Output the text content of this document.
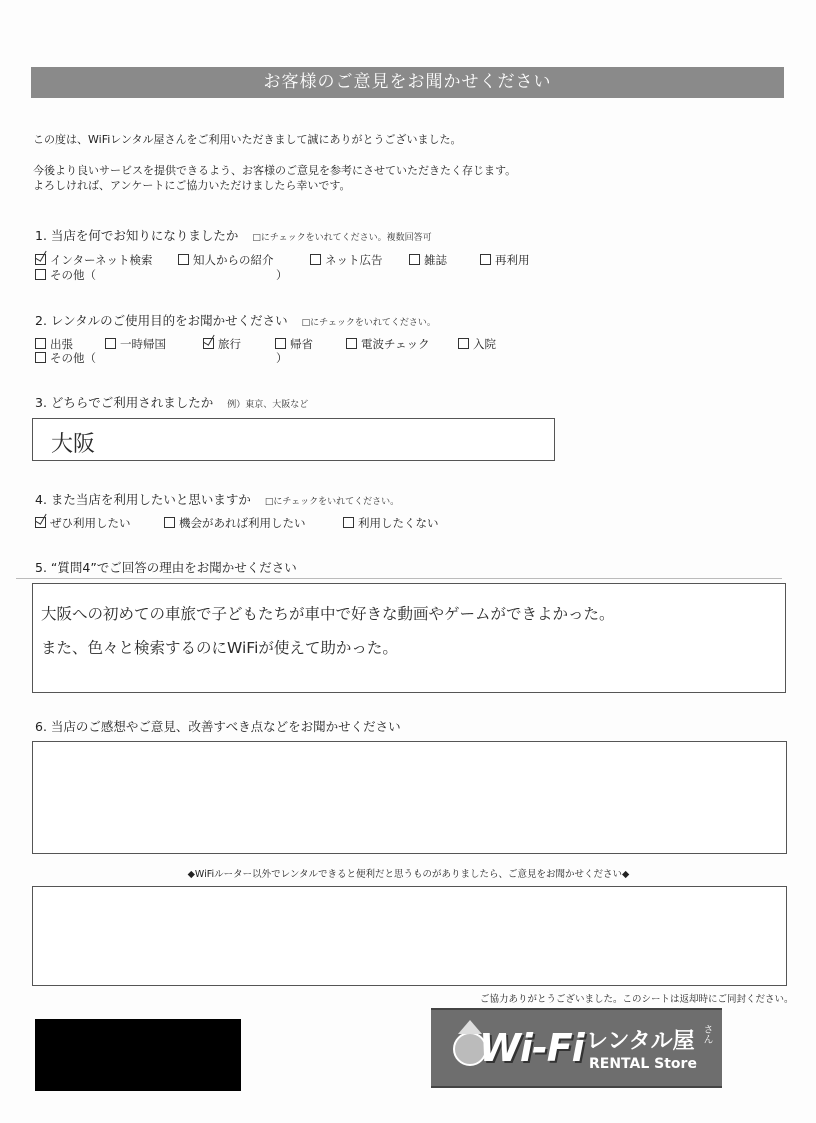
お客様のご意見をお聞かせください
この度は、WiFiレンタル屋さんをご利用いただきまして誠にありがとうございました。
今後より良いサービスを提供できるよう、お客様のご意見を参考にさせていただきたく存じます。
よろしければ、アンケートにご協力いただけましたら幸いです。
1. 当店を何でお知りになりましたか □にチェックをいれてください。複数回答可
インターネット検索	知人からの紹介	ネット広告	雑誌	再利用
その他（	）
2. レンタルのご使用目的をお聞かせください □にチェックをいれてください。
出張	一時帰国	旅行	帰省	電波チェック	入院
その他（	）
3. どちらでご利用されましたか 例）東京、大阪など
大阪
4. また当店を利用したいと思いますか □にチェックをいれてください。
ぜひ利用したい	機会があれば利用したい	利用したくない
5. “質問4”でご回答の理由をお聞かせください
大阪への初めての車旅で子どもたちが車中で好きな動画やゲームができよかった。
また、色々と検索するのにWiFiが使えて助かった。
6. 当店のご感想やご意見、改善すべき点などをお聞かせください
◆WiFiルーター以外でレンタルできると便利だと思うものがありましたら、ご意見をお聞かせください◆
ご協力ありがとうございました。このシートは返却時にご同封ください。
Wi-Fi レンタル屋 さん
RENTAL Store
